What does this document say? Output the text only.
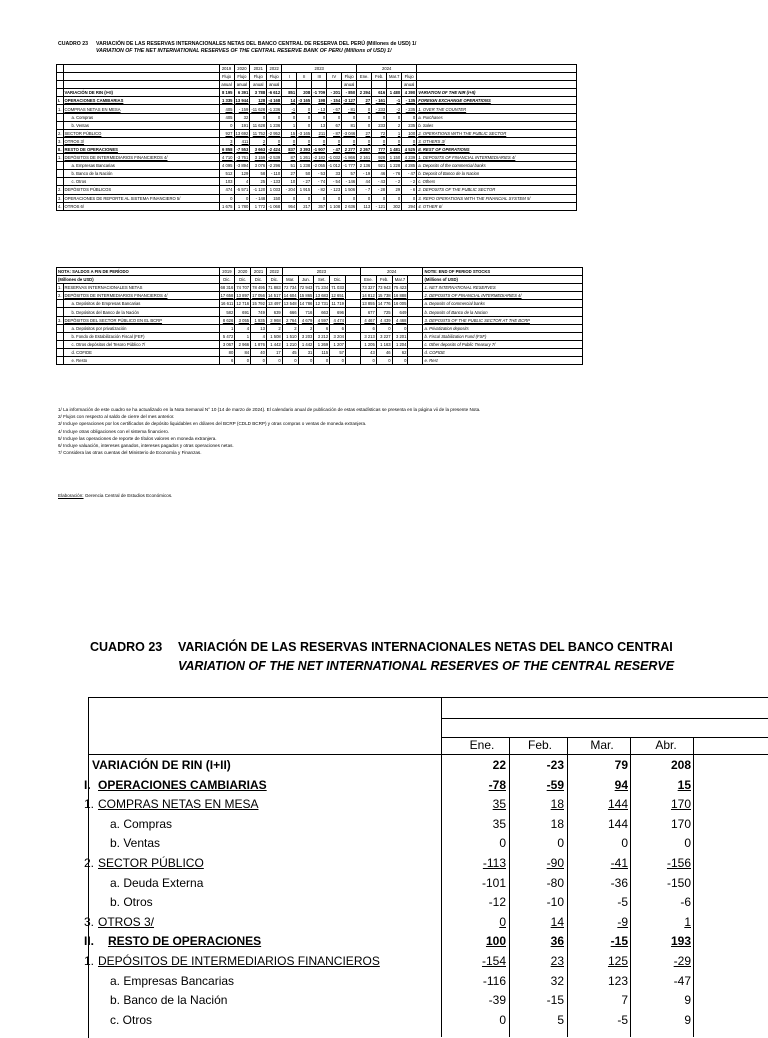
CUADRO 23 VARIACIÓN DE LAS RESERVAS INTERNACIONALES NETAS DEL BANCO CENTRAL DE RESERVA DEL PERÚ (Millones de USD) 1/
VARIATION OF THE NET INTERNATIONAL RESERVES OF THE CENTRAL RESERVE BANK OF PERU (Millions of USD) 1/
		2019	2020	2021	2022	2023					2024				
		Flujo	Flujo	Flujo	Flujo	I	II	III	IV	Flujo	Ene.	Feb.	Mar.7	Flujo	
		anual	anual	anual	anual					anual				anual	
	VARIACIÓN DE RIN (I+II)	8 195	6 391	3 788	-6 612	851	208	-1 709	- 201	- 850	2 294	616	1 480	4 390	VARIATION OF THE NIR (I+II)
I.	OPERACIONES CAMBIARIAS	1 335	13 944	128	-4 168	14	-3 165	198	- 154	-3 127	27	- 161	-1	- 135	FOREIGN EXCHANGE OPERATIONS
1.	COMPRAS NETAS EN MESA	405	- 159	-11 628	-1 236	-1	0	- 13	- 67	- 81	0	- 233	-2	- 235	1. OVER THE COUNTER
	a. Compras	405	32	0	0	0	0	0	0	0	0	0	0	0	a. Purchases
	b. Ventas	0	191	11 628	1 236	1	0	13	67	81	0	233	2	235	b. Sales
2.	SECTOR PÚBLICO	927	13 692	11 752	-2 952	15	-3 165	211	- 87	-3 046	27	72	1	100	2. OPERATIONS WITH THE PUBLIC SECTOR
3.	OTROS 3/	3	411	2	0	0	0	0	0	0	0	0	0	0	3. OTHERS 3/
II.	RESTO DE OPERACIONES	6 858	-7 553	3 663	-2 424	837	3 393	-1 907	- 47	2 277	2 267	777	1 481	4 525	II. REST OF OPERATIONS
1.	DEPÓSITOS DE INTERMEDIARIOS FINANCIEROS 4/	4 710	-3 761	3 159	-2 539	87	1 261	-2 182	-1 032	-1 866	2 161	928	1 150	4 239	1. DEPOSITS OF FINANCIAL INTERMEDIARIES 4/
	a. Empresas Bancarias	4 095	-3 894	3 076	-2 296	51	1 238	-2 055	-1 012	-1 777	2 136	921	1 228	4 285	a. Deposits of the commercial banks
	b. Banco de la Nación	512	129	58	- 110	27	50	- 53	33	57	- 19	46	- 76	- 47	b. Deposit of Banco de la Nacion
	c. Otros	103	4	25	- 133	10	- 27	- 74	- 54	- 146	44	- 43	- 2	- 2	c. Others
2.	DEPÓSITOS PÚBLICOS	474	-5 571	-1 120	1 033	- 204	1 915	- 82	- 123	1 506	- 7	- 28	29	- 6	2. DEPOSITS OF THE PUBLIC SECTOR
3.	OPERACIONES DE REPORTE AL SISTEMA FINANCIERO 5/	0	0	- 148	150	0	0	0	0	0	0	0	0	0	3. REPO OPERATIONS WITH THE FINANCIAL SYSTEM 5/
4.	OTROS 6/	1 675	1 780	1 772	-1 068	954	217	357	1 108	2 636	113	- 121	302	294	4. OTHER 6/
NOTA: SALDOS A FIN DE PERÍODO		2019	2020	2021	2022	2023					2024				NOTE: END OF PERIOD STOCKS
(Millones de USD)		Dic.	Dic.	Dic.	Dic.	Mar.	Jun.	Set.	Dic.		Ene.	Feb.	Mar.7		(Millions of USD)
1.	RESERVAS INTERNACIONALES NETAS	68 316	74 707	78 495	71 883	72 734	72 943	71 234	71 033		73 327	73 943	75 423		1. NET INTERNATIONAL RESERVES
2.	DEPÓSITOS DE INTERMEDIARIOS FINANCIEROS 4/	17 658	13 897	17 056	14 517	14 604	15 865	13 683	12 651		14 812	15 738	16 888		2. DEPOSITS OF FINANCIAL INTERMEDIARIES 4/
	a. Depósitos de Empresas Bancarias	16 611	12 716	15 792	13 497	13 548	14 786	12 731	11 719		13 855	14 776	16 005		a. Deposits of commercial banks
	b. Depósitos del Banco de la Nación	582	691	749	639	666	716	663	696		677	725	649		b. Deposits of Banco de la Nacion
3.	DEPÓSITOS DEL SECTOR PÚBLICO EN EL BCRP	8 626	3 055	1 935	2 968	2 764	4 679	4 597	4 474		4 467	4 439	4 468		3. DEPOSITS OF THE PUBLIC SECTOR AT THE BCRP
	a. Depósitos por privatización	1	4	13	2	2	2	6	6		6	0	0		a. Privatization deposits
	b. Fondo de Estabilización Fiscal (FEF)	5 472	1	4	1 508	1 510	3 203	3 212	3 204		3 213	3 227	3 201		b. Fiscal Stabilization Fund (FSF)
	c. Otros depósitos del Tesoro Público 7/	3 067	2 966	1 876	1 442	1 210	1 442	1 269	1 207		1 205	1 163	1 204		c. Other deposits of Public Treasury 7/
	d. COFIDE	80	84	40	17	45	31	115	57		43	46	62		d. COFIDE
	e. Resto	6	0	0	0	0	0	0	0		0	0	0		e. Rest
1/ La información de este cuadro se ha actualizado en la Nota Semanal N° 10 (14 de marzo de 2024). El calendario anual de publicación de estas estadísticas se presenta en la página vii de la presente Nota.
2/ Flujos con respecto al saldo de cierre del mes anterior.
3/ Incluye operaciones por los certificados de depósito liquidables en dólares del BCRP (CDLD BCRP) y otras compras o ventas de moneda extranjera.
4/ Incluye otras obligaciones con el sistema financiero.
5/ Incluye las operaciones de reporte de títulos valores en moneda extranjera.
6/ Incluye valuación, intereses ganados, intereses pagados y otras operaciones netas.
7/ Considera las otras cuentas del Ministerio de Economía y Finanzas.
Elaboración: Gerencia Central de Estudios Económicos.
CUADRO 23 VARIACIÓN DE LAS RESERVAS INTERNACIONALES NETAS DEL BANCO CENTRAI
VARIATION OF THE NET INTERNATIONAL RESERVES OF THE CENTRAL RESERVE
Ene.	Feb.	Mar.	Abr.
VARIACIÓN DE RIN (I+II)	22	-23	79	208
I. OPERACIONES CAMBIARIAS	-78	-59	94	15
1. COMPRAS NETAS EN MESA	35	18	144	170
a. Compras	35	18	144	170
b. Ventas	0	0	0	0
2. SECTOR PÚBLICO	-113	-90	-41	-156
a. Deuda Externa	-101	-80	-36	-150
b. Otros	-12	-10	-5	-6
3. OTROS 3/	0	14	-9	1
II. RESTO DE OPERACIONES	100	36	-15	193
1. DEPÓSITOS DE INTERMEDIARIOS FINANCIEROS	-154	23	125	-29
a. Empresas Bancarias	-116	32	123	-47
b. Banco de la Nación	-39	-15	7	9
c. Otros	0	5	-5	9
